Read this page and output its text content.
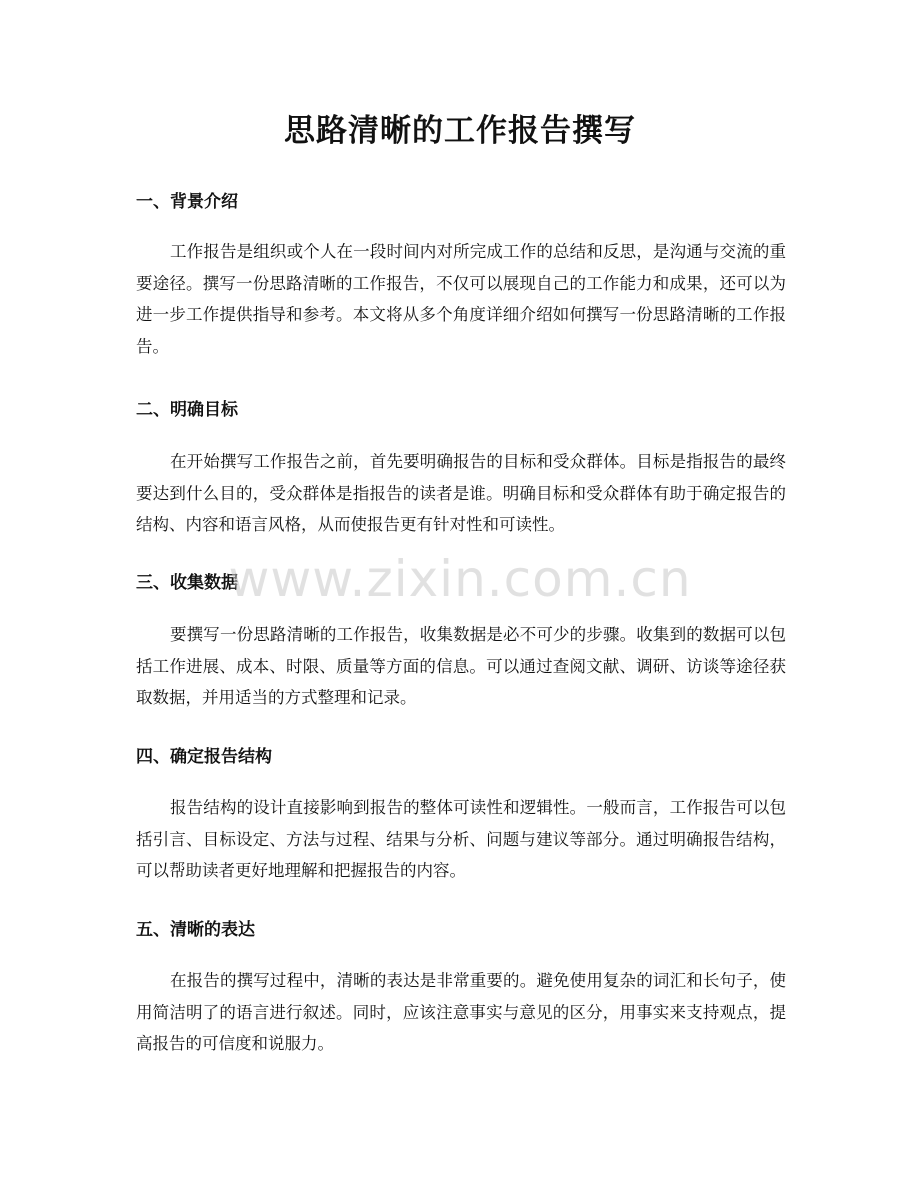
思路清晰的工作报告撰写
一、背景介绍

工作报告是组织或个人在一段时间内对所完成工作的总结和反思，是沟通与交流的重要途径。撰写一份思路清晰的工作报告，不仅可以展现自己的工作能力和成果，还可以为进一步工作提供指导和参考。本文将从多个角度详细介绍如何撰写一份思路清晰的工作报告。

二、明确目标

在开始撰写工作报告之前，首先要明确报告的目标和受众群体。目标是指报告的最终要达到什么目的，受众群体是指报告的读者是谁。明确目标和受众群体有助于确定报告的结构、内容和语言风格，从而使报告更有针对性和可读性。

三、收集数据

要撰写一份思路清晰的工作报告，收集数据是必不可少的步骤。收集到的数据可以包括工作进展、成本、时限、质量等方面的信息。可以通过查阅文献、调研、访谈等途径获取数据，并用适当的方式整理和记录。

四、确定报告结构

报告结构的设计直接影响到报告的整体可读性和逻辑性。一般而言，工作报告可以包括引言、目标设定、方法与过程、结果与分析、问题与建议等部分。通过明确报告结构，可以帮助读者更好地理解和把握报告的内容。

五、清晰的表达

在报告的撰写过程中，清晰的表达是非常重要的。避免使用复杂的词汇和长句子，使用简洁明了的语言进行叙述。同时，应该注意事实与意见的区分，用事实来支持观点，提高报告的可信度和说服力。

www.zixin.com.cn
